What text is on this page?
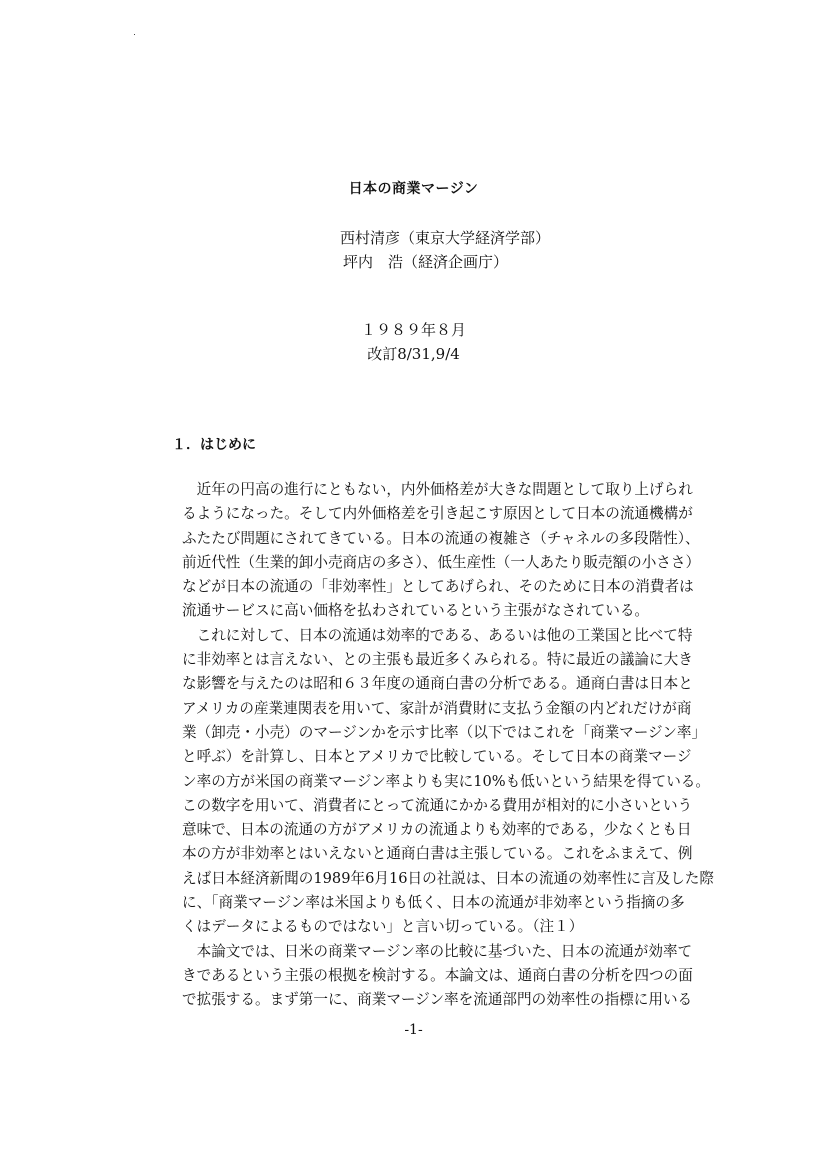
日本の商業マージン
西村清彦（東京大学経済学部）
坪内　浩（経済企画庁）
１９８９年８月
改訂8/31,9/4
１．はじめに
　近年の円高の進行にともない，内外価格差が大きな問題として取り上げられ
るようになった。そして内外価格差を引き起こす原因として日本の流通機構が
ふたたび問題にされてきている。日本の流通の複雑さ（チャネルの多段階性）、
前近代性（生業的卸小売商店の多さ）、低生産性（一人あたり販売額の小ささ）
などが日本の流通の「非効率性」としてあげられ、そのために日本の消費者は
流通サービスに高い価格を払わされているという主張がなされている。
　これに対して、日本の流通は効率的である、あるいは他の工業国と比べて特
に非効率とは言えない、との主張も最近多くみられる。特に最近の議論に大き
な影響を与えたのは昭和６３年度の通商白書の分析である。通商白書は日本と
アメリカの産業連関表を用いて、家計が消費財に支払う金額の内どれだけが商
業（卸売・小売）のマージンかを示す比率（以下ではこれを「商業マージン率」
と呼ぶ）を計算し、日本とアメリカで比較している。そして日本の商業マージ
ン率の方が米国の商業マージン率よりも実に10%も低いという結果を得ている。
この数字を用いて、消費者にとって流通にかかる費用が相対的に小さいという
意味で、日本の流通の方がアメリカの流通よりも効率的である，少なくとも日
本の方が非効率とはいえないと通商白書は主張している。これをふまえて、例
えば日本経済新聞の1989年6月16日の社説は、日本の流通の効率性に言及した際
に、「商業マージン率は米国よりも低く、日本の流通が非効率という指摘の多
くはデータによるものではない」と言い切っている。（注１）
　本論文では、日米の商業マージン率の比較に基づいた、日本の流通が効率て
きであるという主張の根拠を検討する。本論文は、通商白書の分析を四つの面
で拡張する。まず第一に、商業マージン率を流通部門の効率性の指標に用いる
-1-
